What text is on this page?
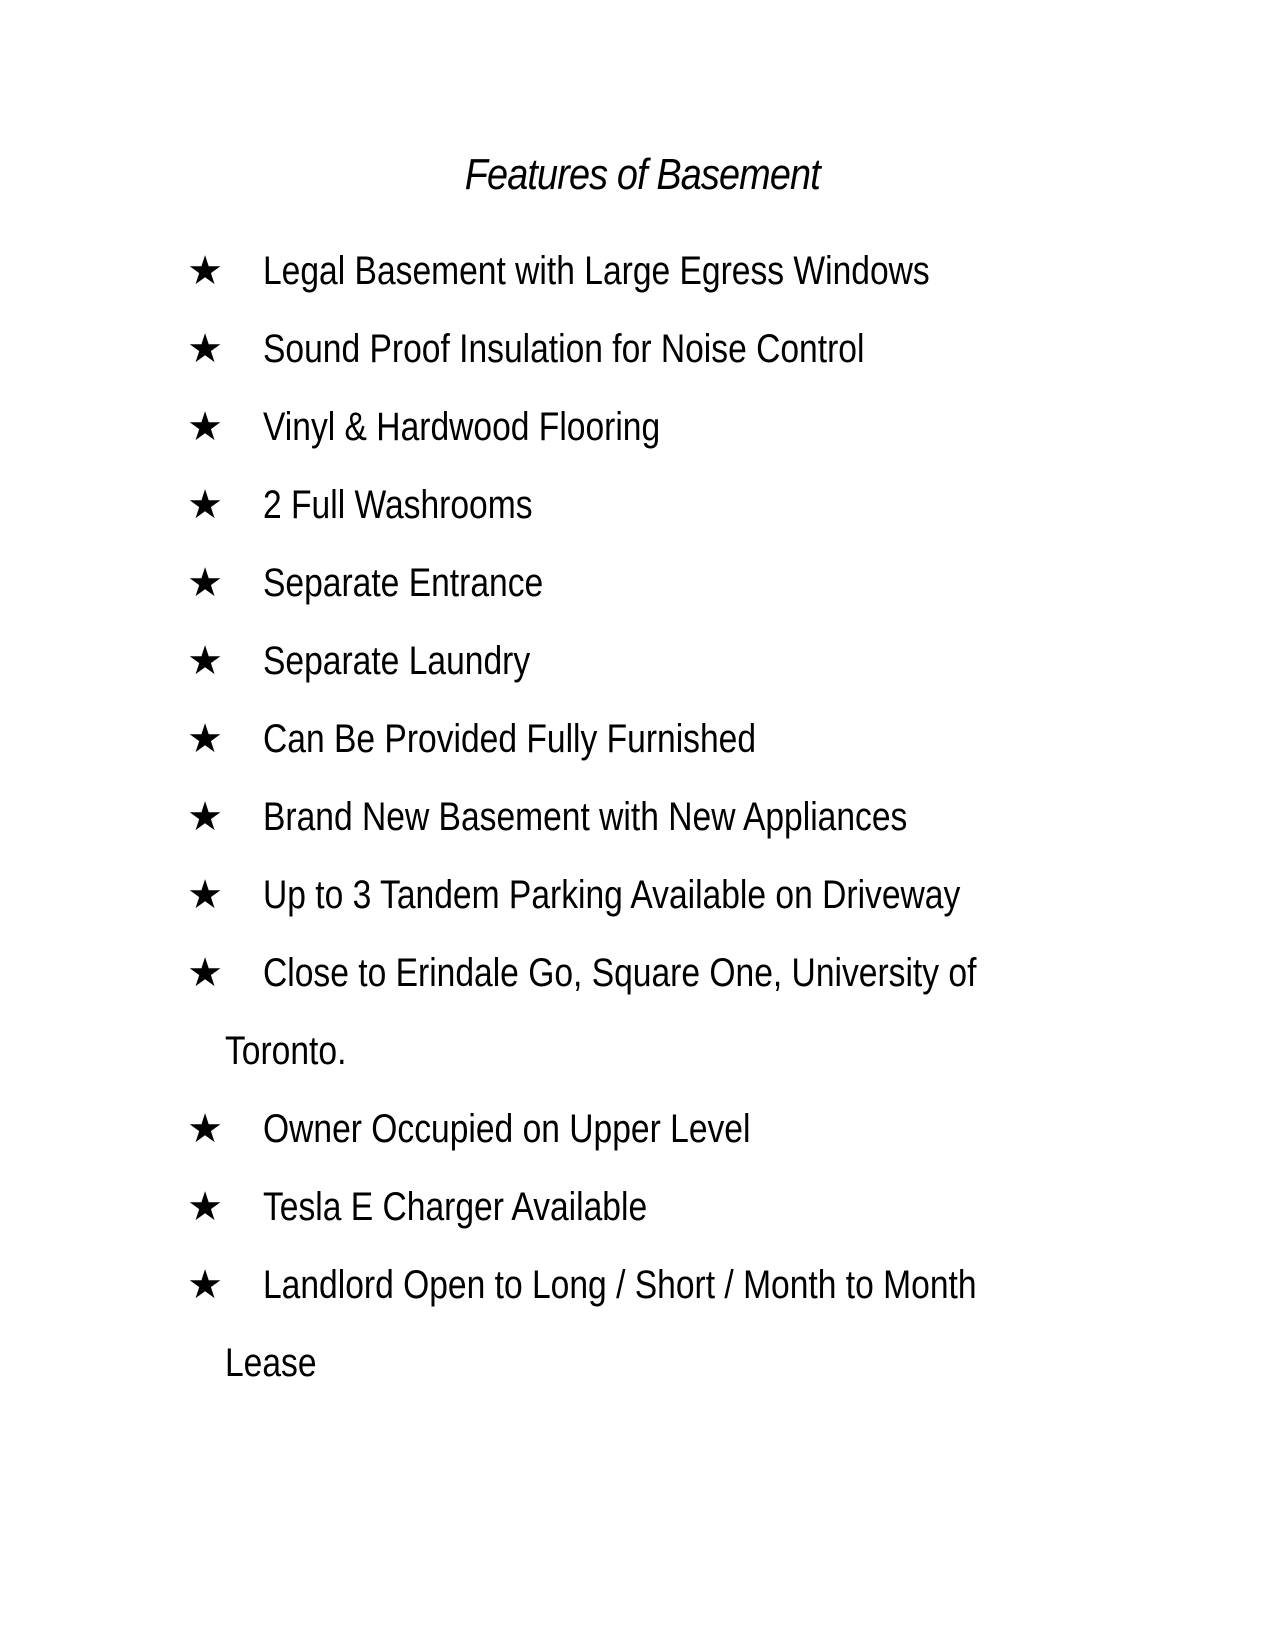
Features of Basement
★ Legal Basement with Large Egress Windows
★ Sound Proof Insulation for Noise Control
★ Vinyl & Hardwood Flooring
★ 2 Full Washrooms
★ Separate Entrance
★ Separate Laundry
★ Can Be Provided Fully Furnished
★ Brand New Basement with New Appliances
★ Up to 3 Tandem Parking Available on Driveway
★ Close to Erindale Go, Square One, University of
Toronto.
★ Owner Occupied on Upper Level
★ Tesla E Charger Available
★ Landlord Open to Long / Short / Month to Month
Lease
